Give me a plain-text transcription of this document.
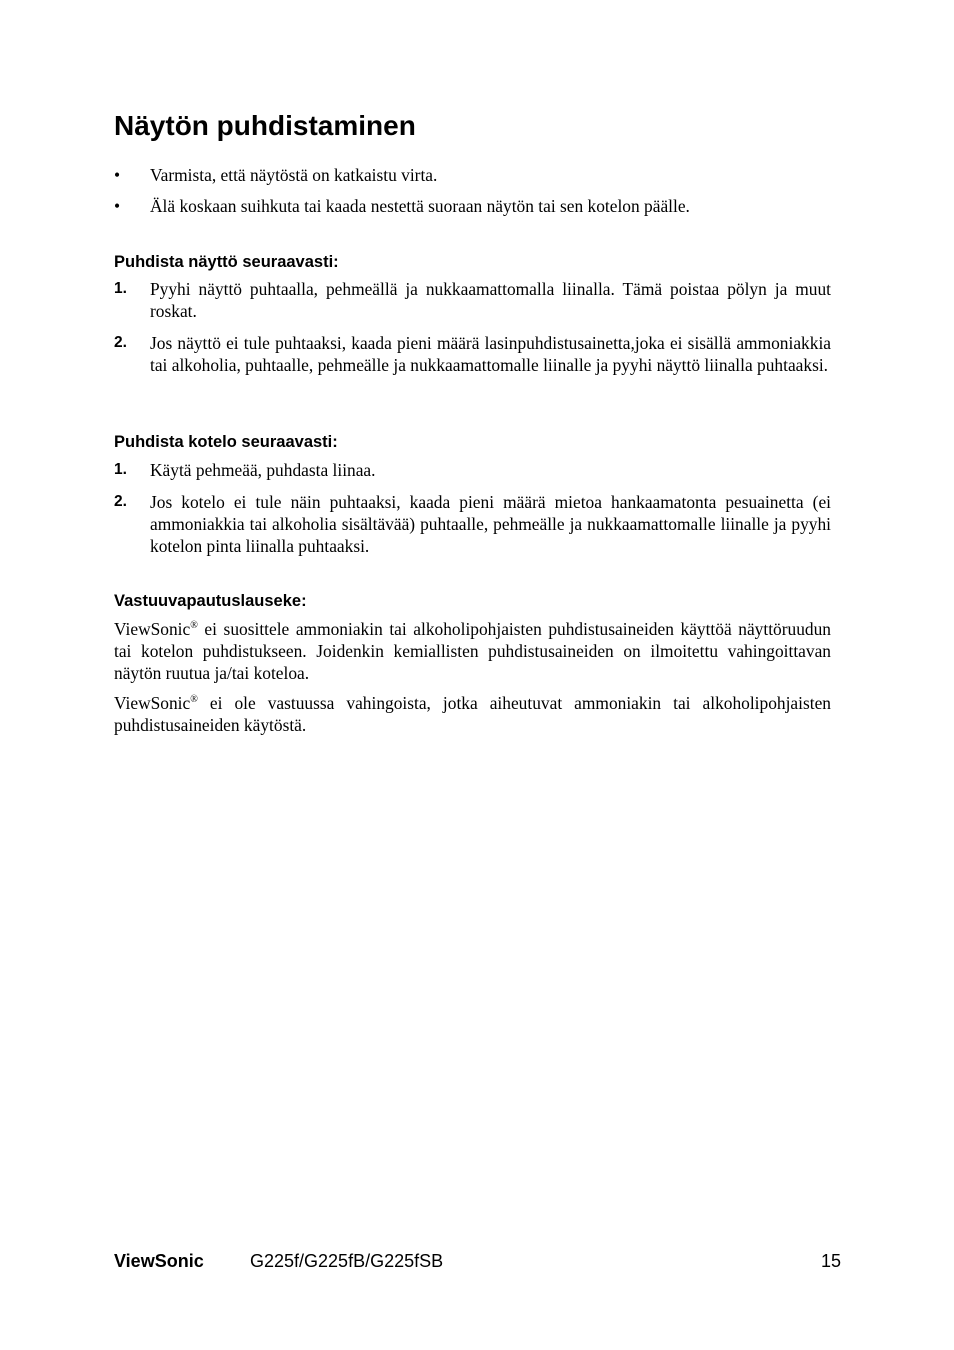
Näytön puhdistaminen
• Varmista, että näytöstä on katkaistu virta.
• Älä koskaan suihkuta tai kaada nestettä suoraan näytön tai sen kotelon päälle.
Puhdista näyttö seuraavasti:
1. Pyyhi näyttö puhtaalla, pehmeällä ja nukkaamattomalla liinalla. Tämä poistaa pölyn ja muut roskat.
2. Jos näyttö ei tule puhtaaksi, kaada pieni määrä lasinpuhdistusainetta,joka ei sisällä ammoniakkia tai alkoholia, puhtaalle, pehmeälle ja nukkaamattomalle liinalle ja pyyhi näyttö liinalla puhtaaksi.
Puhdista kotelo seuraavasti:
1. Käytä pehmeää, puhdasta liinaa.
2. Jos kotelo ei tule näin puhtaaksi, kaada pieni määrä mietoa hankaamatonta pesuainetta (ei ammoniakkia tai alkoholia sisältävää) puhtaalle, pehmeälle ja nukkaamattomalle liinalle ja pyyhi kotelon pinta liinalla puhtaaksi.
Vastuuvapautuslauseke:
ViewSonic® ei suosittele ammoniakin tai alkoholipohjaisten puhdistusaineiden käyttöä näyttöruudun tai kotelon puhdistukseen. Joidenkin kemiallisten puhdistusaineiden on ilmoitettu vahingoittavan näytön ruutua ja/tai koteloa.
ViewSonic® ei ole vastuussa vahingoista, jotka aiheutuvat ammoniakin tai alkoholipohjaisten puhdistusaineiden käytöstä.
ViewSonic	G225f/G225fB/G225fSB	15
